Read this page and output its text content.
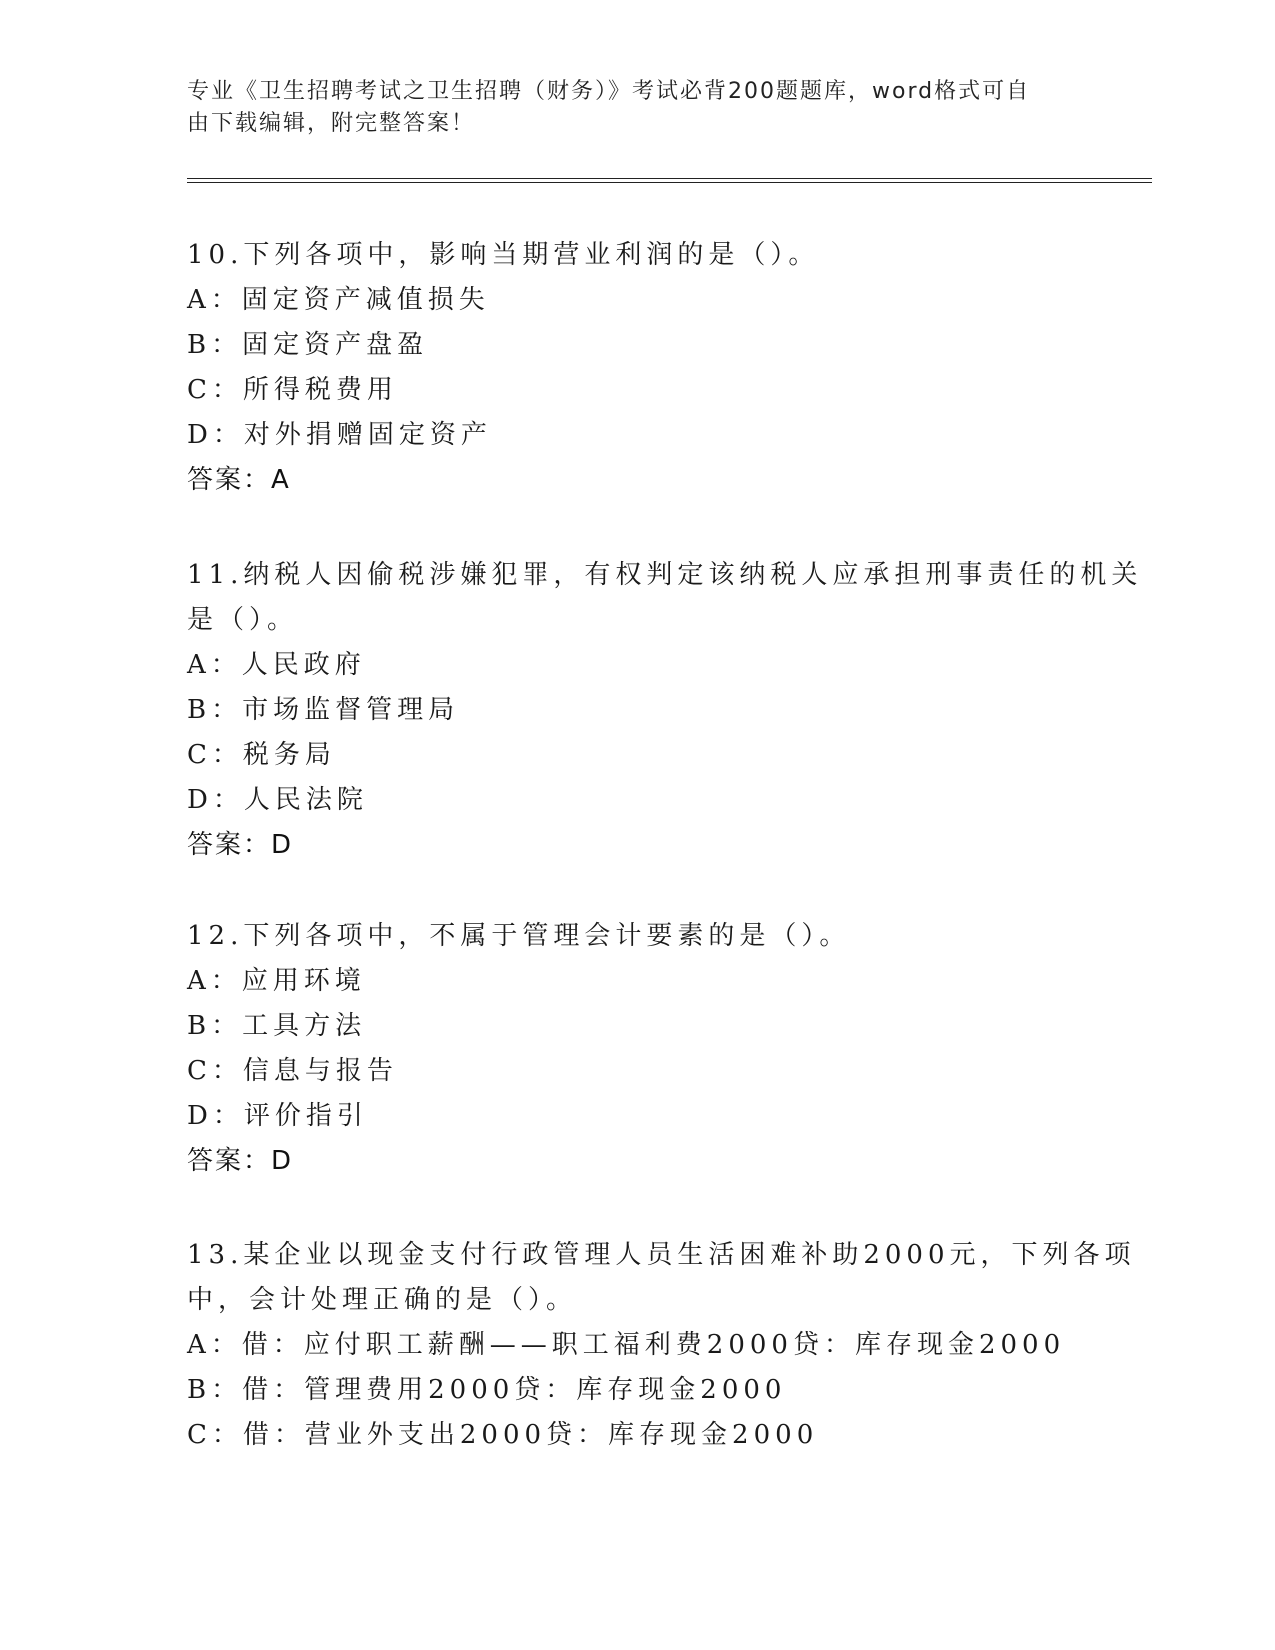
专业《卫生招聘考试之卫生招聘（财务）》考试必背200题题库，word格式可自
由下载编辑，附完整答案！
10.下列各项中，影响当期营业利润的是（）。
A：固定资产减值损失
B：固定资产盘盈
C：所得税费用
D：对外捐赠固定资产
答案：A
11.纳税人因偷税涉嫌犯罪，有权判定该纳税人应承担刑事责任的机关
是（）。
A：人民政府
B：市场监督管理局
C：税务局
D：人民法院
答案：D
12.下列各项中，不属于管理会计要素的是（）。
A：应用环境
B：工具方法
C：信息与报告
D：评价指引
答案：D
13.某企业以现金支付行政管理人员生活困难补助2000元，下列各项
中，会计处理正确的是（）。
A：借：应付职工薪酬——职工福利费2000贷：库存现金2000
B：借：管理费用2000贷：库存现金2000
C：借：营业外支出2000贷：库存现金2000
